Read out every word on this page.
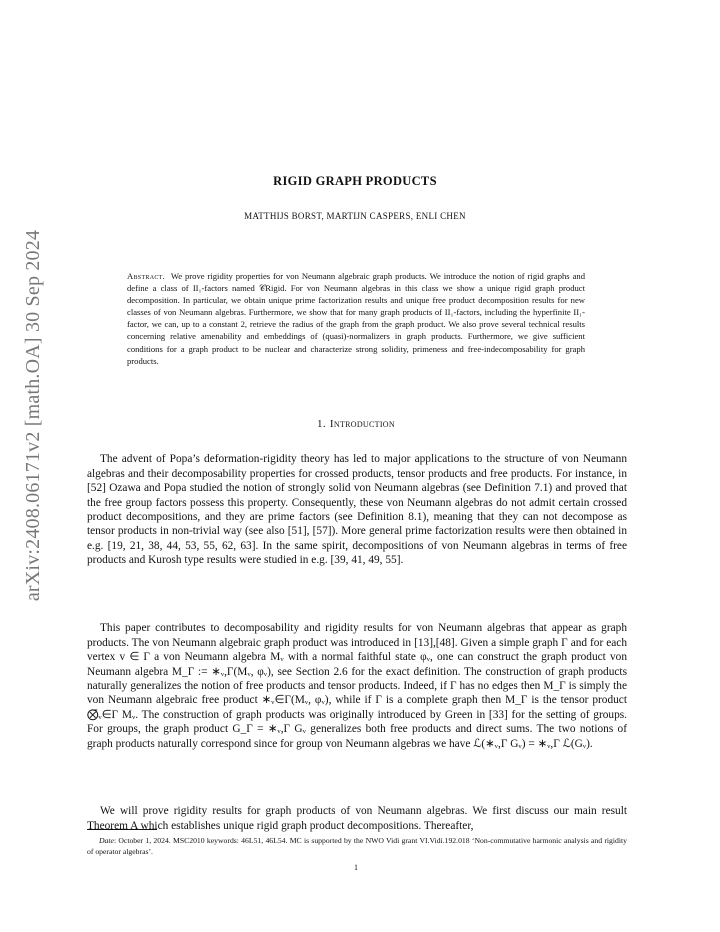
arXiv:2408.06171v2 [math.OA] 30 Sep 2024
RIGID GRAPH PRODUCTS
MATTHIJS BORST, MARTIJN CASPERS, ENLI CHEN
Abstract. We prove rigidity properties for von Neumann algebraic graph products. We introduce the notion of rigid graphs and define a class of II₁-factors named 𝒞Rigid. For von Neumann algebras in this class we show a unique rigid graph product decomposition. In particular, we obtain unique prime factorization results and unique free product decomposition results for new classes of von Neumann algebras. Furthermore, we show that for many graph products of II₁-factors, including the hyperfinite II₁-factor, we can, up to a constant 2, retrieve the radius of the graph from the graph product. We also prove several technical results concerning relative amenability and embeddings of (quasi)-normalizers in graph products. Furthermore, we give sufficient conditions for a graph product to be nuclear and characterize strong solidity, primeness and free-indecomposability for graph products.
1. Introduction

The advent of Popa’s deformation-rigidity theory has led to major applications to the structure of von Neumann algebras and their decomposability properties for crossed products, tensor products and free products. For instance, in [52] Ozawa and Popa studied the notion of strongly solid von Neumann algebras (see Definition 7.1) and proved that the free group factors possess this property. Consequently, these von Neumann algebras do not admit certain crossed product decompositions, and they are prime factors (see Definition 8.1), meaning that they can not decompose as tensor products in non-trivial way (see also [51], [57]). More general prime factorization results were then obtained in e.g. [19, 21, 38, 44, 53, 55, 62, 63]. In the same spirit, decompositions of von Neumann algebras in terms of free products and Kurosh type results were studied in e.g. [39, 41, 49, 55].

This paper contributes to decomposability and rigidity results for von Neumann algebras that appear as graph products. The von Neumann algebraic graph product was introduced in [13],[48]. Given a simple graph Γ and for each vertex v ∈ Γ a von Neumann algebra Mᵥ with a normal faithful state φᵥ, one can construct the graph product von Neumann algebra M_Γ := ∗ᵥ,Γ(Mᵥ, φᵥ), see Section 2.6 for the exact definition. The construction of graph products naturally generalizes the notion of free products and tensor products. Indeed, if Γ has no edges then M_Γ is simply the von Neumann algebraic free product ∗ᵥ∈Γ(Mᵥ, φᵥ), while if Γ is a complete graph then M_Γ is the tensor product ⨂̄ᵥ∈Γ Mᵥ. The construction of graph products was originally introduced by Green in [33] for the setting of groups. For groups, the graph product G_Γ = ∗ᵥ,Γ Gᵥ generalizes both free products and direct sums. The two notions of graph products naturally correspond since for group von Neumann algebras we have ℒ(∗ᵥ,Γ Gᵥ) = ∗ᵥ,Γ ℒ(Gᵥ).

We will prove rigidity results for graph products of von Neumann algebras. We first discuss our main result Theorem A which establishes unique rigid graph product decompositions. Thereafter,

Date: October 1, 2024. MSC2010 keywords: 46L51, 46L54. MC is supported by the NWO Vidi grant VI.Vidi.192.018 ‘Non-commutative harmonic analysis and rigidity of operator algebras’.
1
